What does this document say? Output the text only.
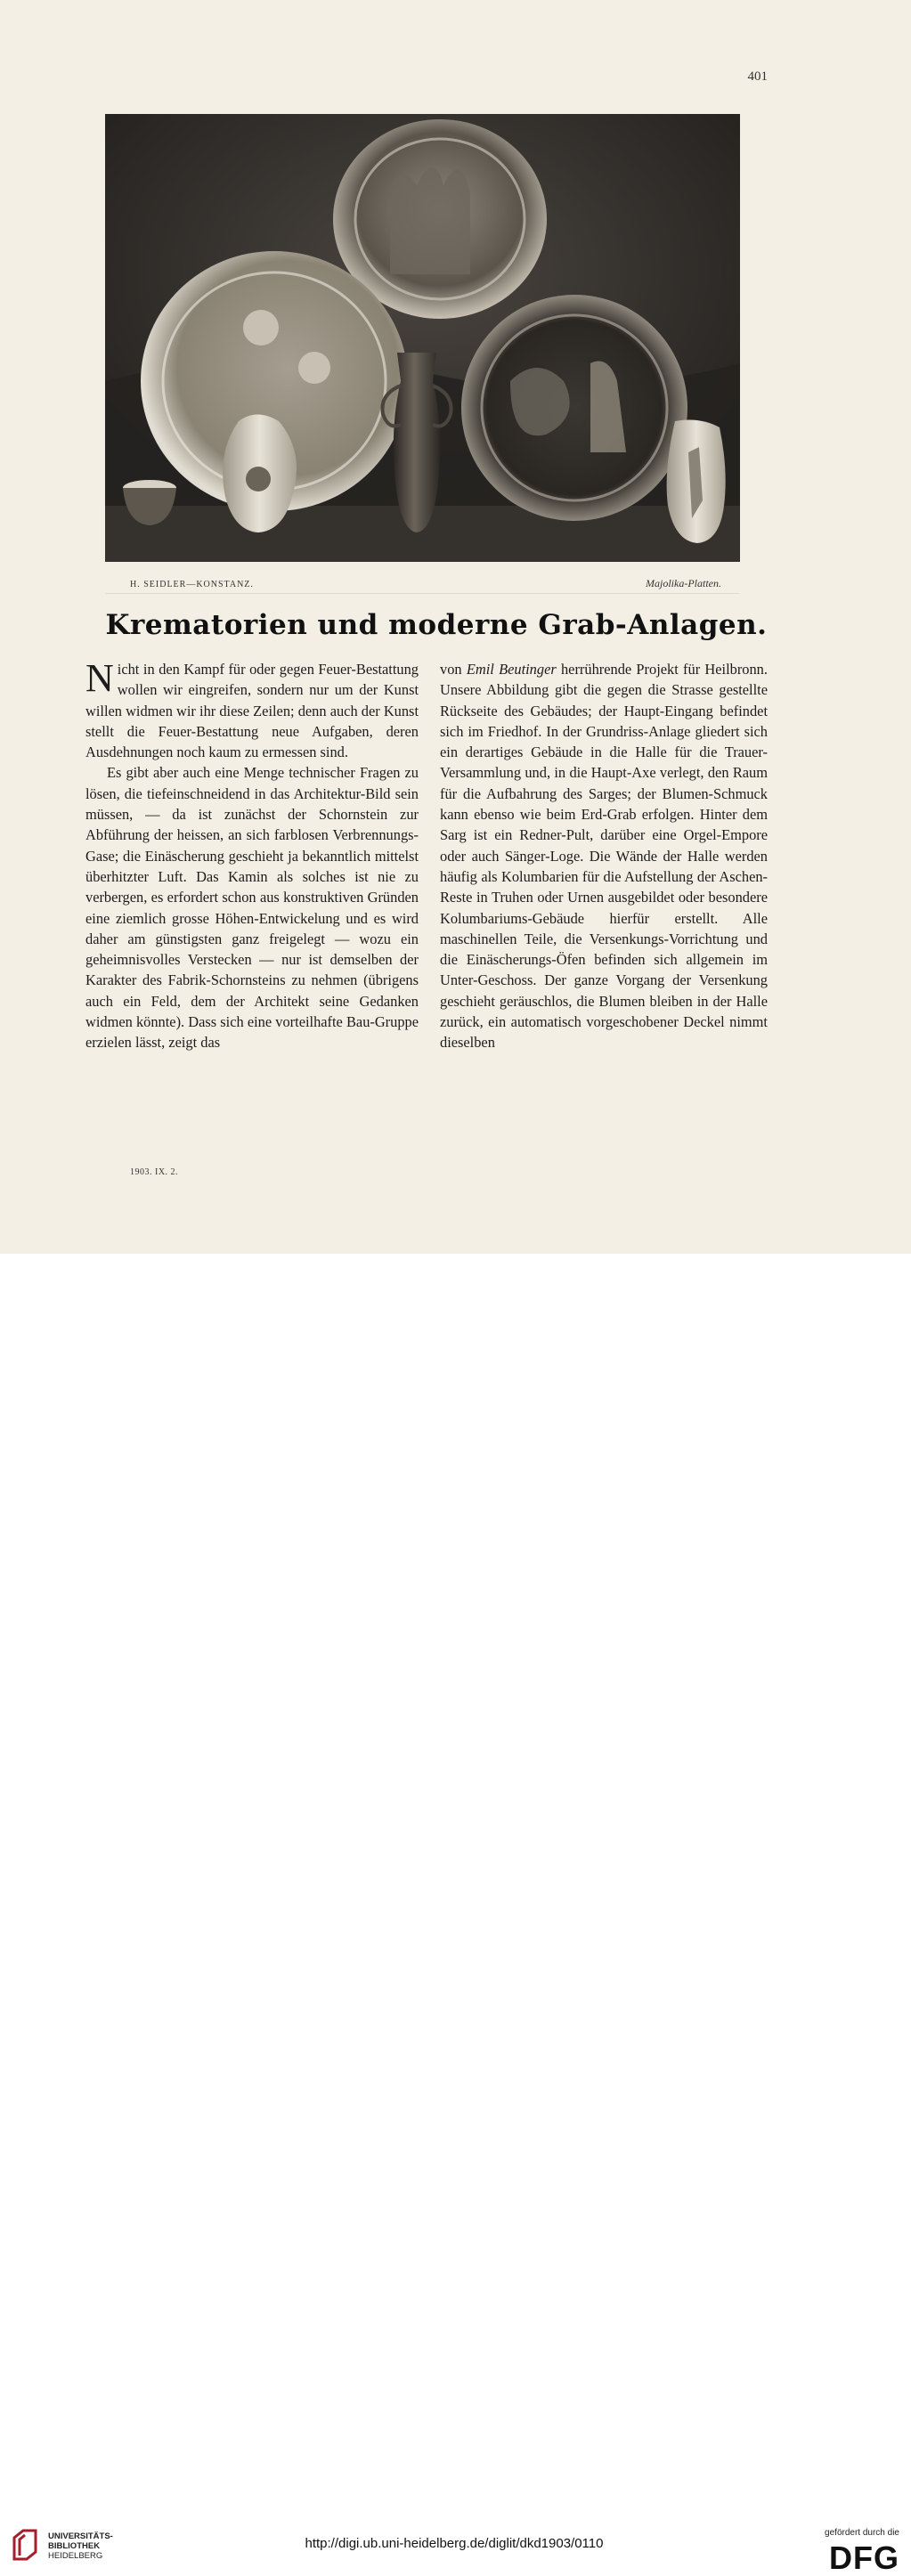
401
H. SEIDLER—KONSTANZ.	Majolika-Platten.
Krematorien und moderne Grab-Anlagen.

Nicht in den Kampf für oder gegen Feuer-Bestattung wollen wir eingreifen, sondern nur um der Kunst willen widmen wir ihr diese Zeilen; denn auch der Kunst stellt die Feuer-Bestattung neue Aufgaben, deren Ausdehnungen noch kaum zu ermessen sind.

Es gibt aber auch eine Menge technischer Fragen zu lösen, die tiefeinschneidend in das Architektur-Bild sein müssen, — da ist zunächst der Schornstein zur Abführung der heissen, an sich farblosen Verbrennungs-Gase; die Einäscherung geschieht ja bekanntlich mittelst überhitzter Luft. Das Kamin als solches ist nie zu verbergen, es erfordert schon aus konstruktiven Gründen eine ziemlich grosse Höhen-Entwickelung und es wird daher am günstigsten ganz freigelegt — wozu ein geheimnisvolles Verstecken — nur ist demselben der Karakter des Fabrik-Schornsteins zu nehmen (übrigens auch ein Feld, dem der Architekt seine Gedanken widmen könnte). Dass sich eine vorteilhafte Bau-Gruppe erzielen lässt, zeigt das

von Emil Beutinger herrührende Projekt für Heilbronn. Unsere Abbildung gibt die gegen die Strasse gestellte Rückseite des Gebäudes; der Haupt-Eingang befindet sich im Friedhof. In der Grundriss-Anlage gliedert sich ein derartiges Gebäude in die Halle für die Trauer-Versammlung und, in die Haupt-Axe verlegt, den Raum für die Aufbahrung des Sarges; der Blumen-Schmuck kann ebenso wie beim Erd-Grab erfolgen. Hinter dem Sarg ist ein Redner-Pult, darüber eine Orgel-Empore oder auch Sänger-Loge. Die Wände der Halle werden häufig als Kolumbarien für die Aufstellung der Aschen-Reste in Truhen oder Urnen ausgebildet oder besondere Kolumbariums-Gebäude hierfür erstellt. Alle maschinellen Teile, die Versenkungs-Vorrichtung und die Einäscherungs-Öfen befinden sich allgemein im Unter-Geschoss. Der ganze Vorgang der Versenkung geschieht geräuschlos, die Blumen bleiben in der Halle zurück, ein automatisch vorgeschobener Deckel nimmt dieselben

1903. IX. 2.
UNIVERSITÄTS-
BIBLIOTHEK
HEIDELBERG
http://digi.ub.uni-heidelberg.de/diglit/dkd1903/0110
gefördert durch die
DFG
